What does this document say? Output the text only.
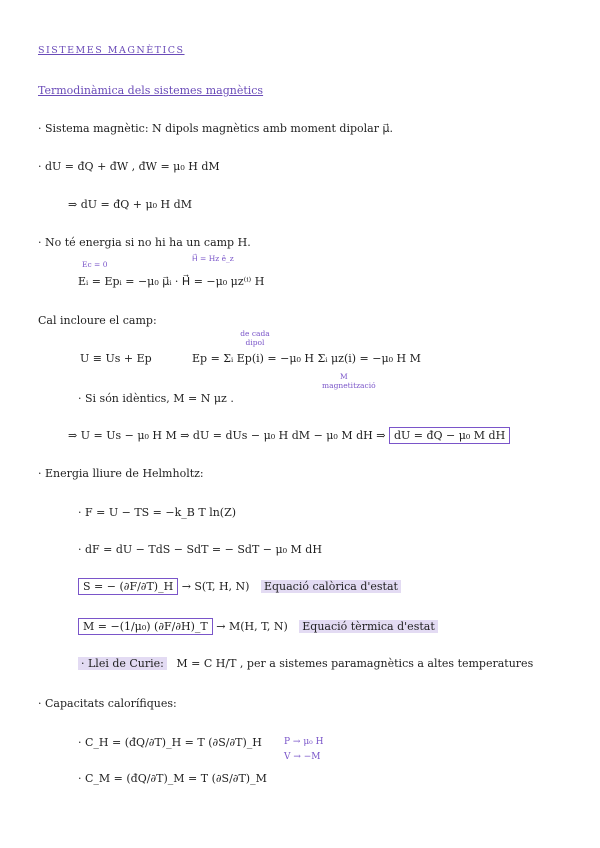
SISTEMES MAGNÈTICS
Termodinàmica dels sistemes magnètics
· Sistema magnètic: N dipols magnètics amb moment dipolar μ⃗.
· dU = đQ + đW , đW = μ₀ H dM
⇒ dU = đQ + μ₀ H dM
· No té energia si no hi ha un camp H.
Ec = 0
H⃗ = Hz ê_z
Eᵢ = Epᵢ = −μ₀ μ⃗ᵢ · H⃗ = −μ₀ μz⁽ⁱ⁾ H
Cal incloure el camp:
de cada dipol
U ≡ Us + Ep	Ep = Σᵢ Ep(i) = −μ₀ H Σᵢ μz(i) = −μ₀ H M
M
magnetització
· Si són idèntics, M = N μz .
⇒ U = Us − μ₀ H M ⇒ dU = dUs − μ₀ H dM − μ₀ M dH ⇒ dU = đQ − μ₀ M dH
· Energia lliure de Helmholtz:
· F = U − TS = −k_B T ln(Z)
· dF = dU − TdS − SdT = − SdT − μ₀ M dH
S = − (∂F/∂T)_H → S(T, H, N) Equació calòrica d'estat
M = −(1/μ₀) (∂F/∂H)_T → M(H, T, N) Equació tèrmica d'estat
· Llei de Curie: M = C H/T , per a sistemes paramagnètics a altes temperatures
· Capacitats calorífiques:
· C_H = (đQ/∂T)_H = T (∂S/∂T)_H P → μ₀ H
V → −M
· C_M = (đQ/∂T)_M = T (∂S/∂T)_M
